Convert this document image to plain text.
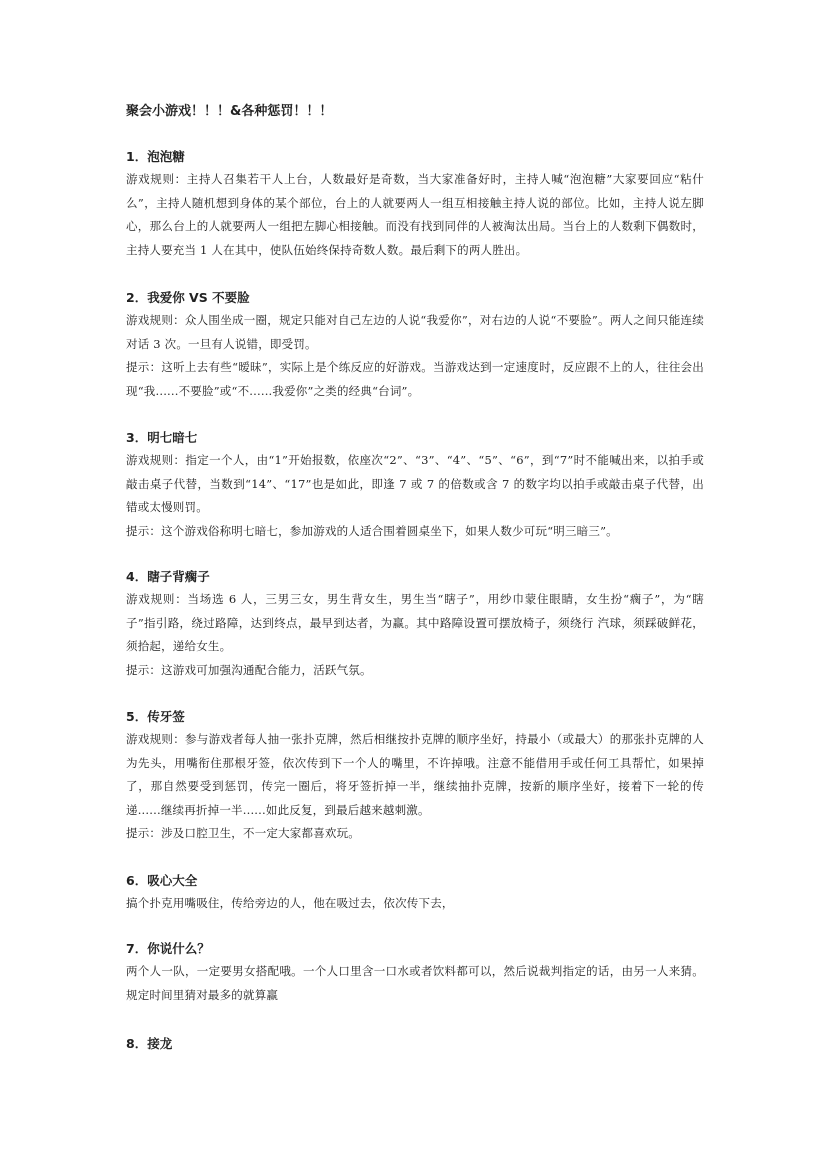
聚会小游戏！！！&各种惩罚！！！
1．泡泡糖

游戏规则：主持人召集若干人上台，人数最好是奇数，当大家准备好时，主持人喊“泡泡糖”大家要回应“粘什么”，主持人随机想到身体的某个部位，台上的人就要两人一组互相接触主持人说的部位。比如，主持人说左脚心，那么台上的人就要两人一组把左脚心相接触。而没有找到同伴的人被淘汰出局。当台上的人数剩下偶数时，主持人要充当 1 人在其中，使队伍始终保持奇数人数。最后剩下的两人胜出。

2．我爱你 VS 不要脸

游戏规则：众人围坐成一圈，规定只能对自己左边的人说“我爱你”，对右边的人说“不要脸”。两人之间只能连续对话 3 次。一旦有人说错，即受罚。

提示：这听上去有些“暧昧”，实际上是个练反应的好游戏。当游戏达到一定速度时，反应跟不上的人，往往会出现“我......不要脸”或“不......我爱你”之类的经典“台词”。

3．明七暗七

游戏规则：指定一个人，由“1”开始报数，依座次“2”、“3”、“4”、“5”、“6”，到“7”时不能喊出来，以拍手或敲击桌子代替，当数到“14”、“17”也是如此，即逢 7 或 7 的倍数或含 7 的数字均以拍手或敲击桌子代替，出错或太慢则罚。

提示：这个游戏俗称明七暗七，参加游戏的人适合围着圆桌坐下，如果人数少可玩“明三暗三”。

4．瞎子背瘸子

游戏规则：当场选 6 人，三男三女，男生背女生，男生当“瞎子”，用纱巾蒙住眼睛，女生扮“瘸子”，为“瞎子”指引路，绕过路障，达到终点，最早到达者，为赢。其中路障设置可摆放椅子，须绕行 汽球，须踩破鲜花，须拾起，递给女生。

提示：这游戏可加强沟通配合能力，活跃气氛。

5．传牙签

游戏规则：参与游戏者每人抽一张扑克牌，然后相继按扑克牌的顺序坐好，持最小（或最大）的那张扑克牌的人为先头，用嘴衔住那根牙签，依次传到下一个人的嘴里，不许掉哦。注意不能借用手或任何工具帮忙，如果掉了，那自然要受到惩罚，传完一圈后，将牙签折掉一半，继续抽扑克牌，按新的顺序坐好，接着下一轮的传递......继续再折掉一半......如此反复，到最后越来越刺激。

提示：涉及口腔卫生，不一定大家都喜欢玩。

6．吸心大全

搞个扑克用嘴吸住，传给旁边的人，他在吸过去，依次传下去，

7．你说什么？

两个人一队，一定要男女搭配哦。一个人口里含一口水或者饮料都可以，然后说裁判指定的话，由另一人来猜。规定时间里猜对最多的就算赢

8．接龙
